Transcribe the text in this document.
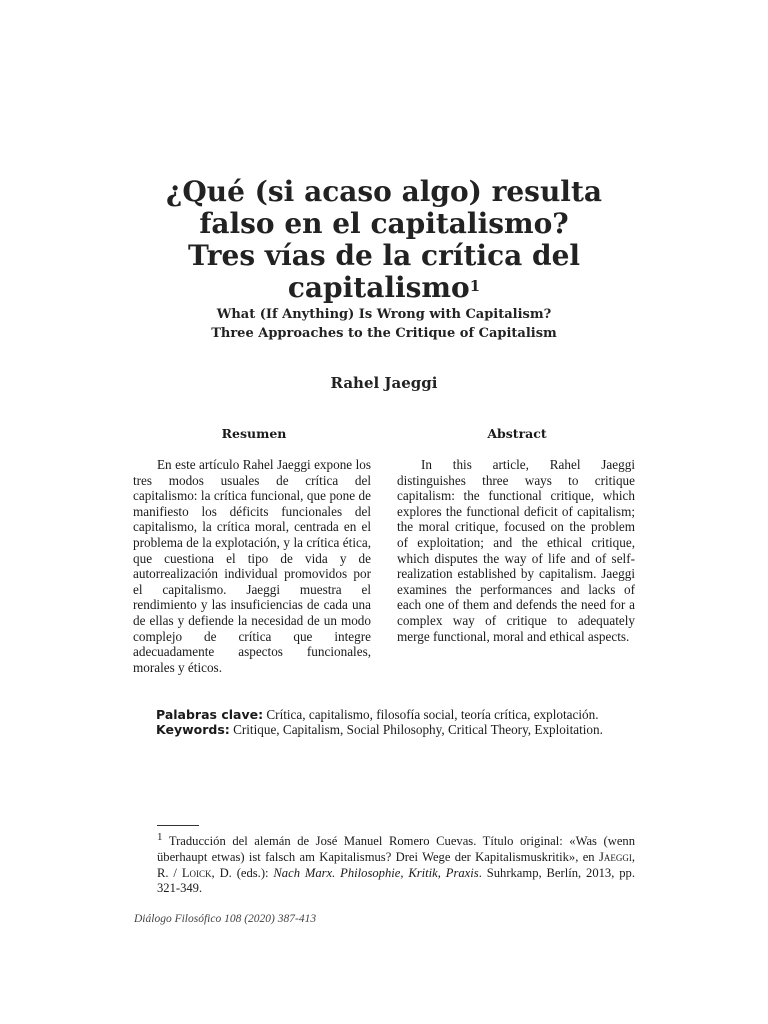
¿Qué (si acaso algo) resulta
falso en el capitalismo?
Tres vías de la crítica del
capitalismo$^1$
What (If Anything) Is Wrong with Capitalism?
Three Approaches to the Critique of Capitalism
Rahel Jaeggi
Resumen	Abstract

En este artículo Rahel Jaeggi expone los tres modos usuales de crítica del capitalismo: la crítica funcional, que pone de manifiesto los déficits funcionales del capitalismo, la crítica moral, centrada en el problema de la explotación, y la crítica ética, que cuestiona el tipo de vida y de autorrealización individual promovidos por el capitalismo. Jaeggi muestra el rendimiento y las insuficiencias de cada una de ellas y defiende la necesidad de un modo complejo de crítica que integre adecuadamente aspectos funcionales, morales y éticos.

In this article, Rahel Jaeggi distinguishes three ways to critique capitalism: the functional critique, which explores the functional deficit of capitalism; the moral critique, focused on the problem of exploitation; and the ethical critique, which disputes the way of life and of self-realization established by capitalism. Jaeggi examines the performances and lacks of each one of them and defends the need for a complex way of critique to adequately merge functional, moral and ethical aspects.

Palabras clave: Crítica, capitalismo, filosofía social, teoría crítica, explotación.
Keywords: Critique, Capitalism, Social Philosophy, Critical Theory, Exploitation.
$^1$ Traducción del alemán de José Manuel Romero Cuevas. Título original: «Was (wenn überhaupt etwas) ist falsch am Kapitalismus? Drei Wege der Kapitalismuskritik», en Jaeggi, R. / Loick, D. (eds.): Nach Marx. Philosophie, Kritik, Praxis. Suhrkamp, Berlín, 2013, pp. 321-349.
Diálogo Filosófico 108 (2020) 387-413
